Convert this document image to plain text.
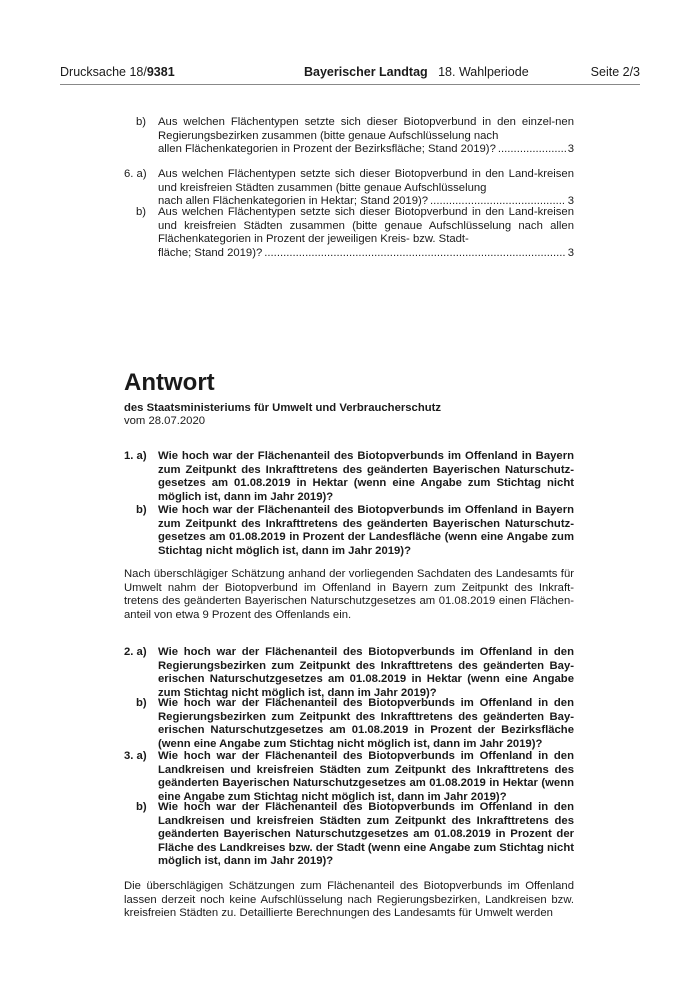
Drucksache 18/9381	Bayerischer Landtag 18. Wahlperiode	Seite 2/3
b) Aus welchen Flächentypen setzte sich dieser Biotopverbund in den einzel-nen Regierungsbezirken zusammen (bitte genaue Aufschlüsselung nach
allen Flächenkategorien in Prozent der Bezirksfläche; Stand 2019)? .....	3
6. a) Aus welchen Flächentypen setzte sich dieser Biotopverbund in den Land-kreisen und kreisfreien Städten zusammen (bitte genaue Aufschlüsselung
nach allen Flächenkategorien in Hektar; Stand 2019)? .....	3
b) Aus welchen Flächentypen setzte sich dieser Biotopverbund in den Land-kreisen und kreisfreien Städten zusammen (bitte genaue Aufschlüsselung nach allen Flächenkategorien in Prozent der jeweiligen Kreis- bzw. Stadt-
fläche; Stand 2019)? .....	3
Antwort
des Staatsministeriums für Umwelt und Verbraucherschutz
vom 28.07.2020
1. a) Wie hoch war der Flächenanteil des Biotopverbunds im Offenland in Bayern zum Zeitpunkt des Inkrafttretens des geänderten Bayerischen Naturschutz-gesetzes am 01.08.2019 in Hektar (wenn eine Angabe zum Stichtag nicht möglich ist, dann im Jahr 2019)?
b) Wie hoch war der Flächenanteil des Biotopverbunds im Offenland in Bayern zum Zeitpunkt des Inkrafttretens des geänderten Bayerischen Naturschutz-gesetzes am 01.08.2019 in Prozent der Landesfläche (wenn eine Angabe zum Stichtag nicht möglich ist, dann im Jahr 2019)?
Nach überschlägiger Schätzung anhand der vorliegenden Sachdaten des Landesamts für Umwelt nahm der Biotopverbund im Offenland in Bayern zum Zeitpunkt des Inkraft-tretens des geänderten Bayerischen Naturschutzgesetzes am 01.08.2019 einen Flächen-anteil von etwa 9 Prozent des Offenlands ein.
2. a) Wie hoch war der Flächenanteil des Biotopverbunds im Offenland in den Regierungsbezirken zum Zeitpunkt des Inkrafttretens des geänderten Bay-erischen Naturschutzgesetzes am 01.08.2019 in Hektar (wenn eine Angabe zum Stichtag nicht möglich ist, dann im Jahr 2019)?
b) Wie hoch war der Flächenanteil des Biotopverbunds im Offenland in den Regierungsbezirken zum Zeitpunkt des Inkrafttretens des geänderten Bay-erischen Naturschutzgesetzes am 01.08.2019 in Prozent der Bezirksfläche (wenn eine Angabe zum Stichtag nicht möglich ist, dann im Jahr 2019)?
3. a) Wie hoch war der Flächenanteil des Biotopverbunds im Offenland in den Landkreisen und kreisfreien Städten zum Zeitpunkt des Inkrafttretens des geänderten Bayerischen Naturschutzgesetzes am 01.08.2019 in Hektar (wenn eine Angabe zum Stichtag nicht möglich ist, dann im Jahr 2019)?
b) Wie hoch war der Flächenanteil des Biotopverbunds im Offenland in den Landkreisen und kreisfreien Städten zum Zeitpunkt des Inkrafttretens des geänderten Bayerischen Naturschutzgesetzes am 01.08.2019 in Prozent der Fläche des Landkreises bzw. der Stadt (wenn eine Angabe zum Stichtag nicht möglich ist, dann im Jahr 2019)?
Die überschlägigen Schätzungen zum Flächenanteil des Biotopverbunds im Offenland lassen derzeit noch keine Aufschlüsselung nach Regierungsbezirken, Landkreisen bzw. kreisfreien Städten zu. Detaillierte Berechnungen des Landesamts für Umwelt werden
